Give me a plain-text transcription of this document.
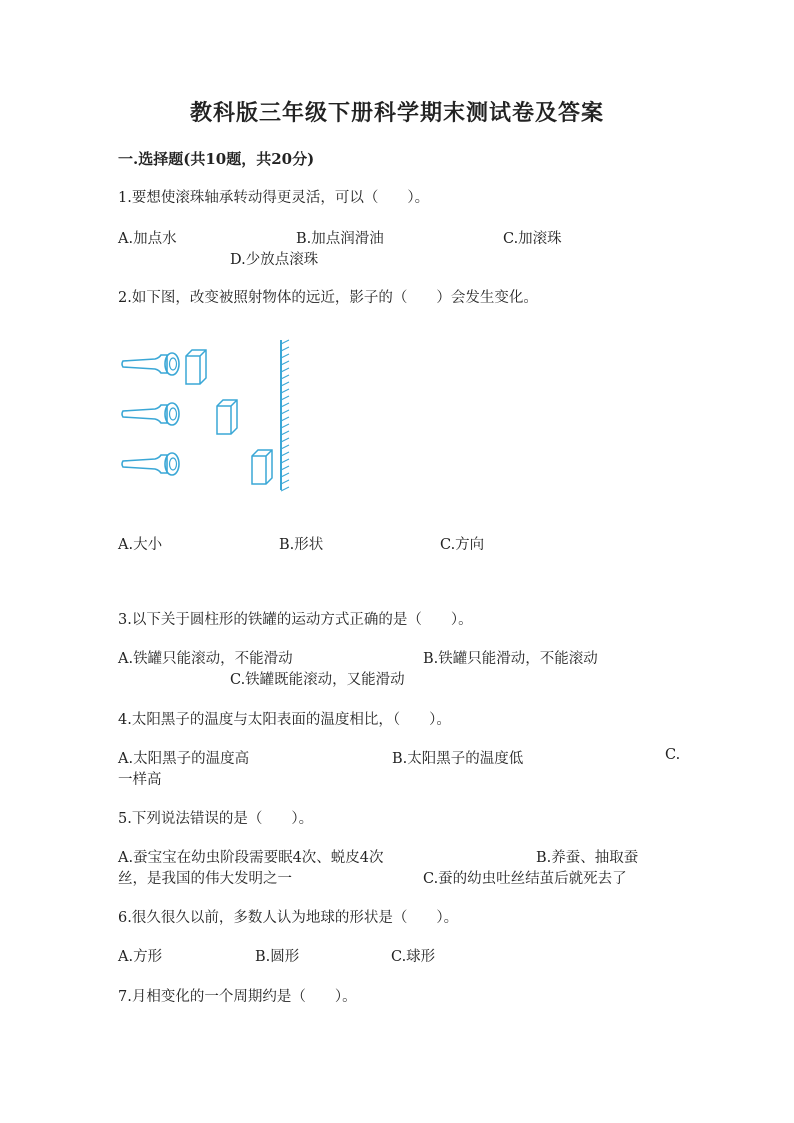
教科版三年级下册科学期末测试卷及答案
一.选择题(共10题，共20分)
1.要想使滚珠轴承转动得更灵活，可以（　　）。
A.加点水	B.加点润滑油	C.加滚珠
D.少放点滚珠
2.如下图，改变被照射物体的远近，影子的（　　）会发生变化。
A.大小	B.形状	C.方向
3.以下关于圆柱形的铁罐的运动方式正确的是（　　）。
A.铁罐只能滚动，不能滑动	B.铁罐只能滑动，不能滚动
C.铁罐既能滚动，又能滑动
4.太阳黑子的温度与太阳表面的温度相比，（　　）。
A.太阳黑子的温度高	B.太阳黑子的温度低	C.
一样高
5.下列说法错误的是（　　）。
A.蚕宝宝在幼虫阶段需要眠4次、蜕皮4次	B.养蚕、抽取蚕
丝，是我国的伟大发明之一	C.蚕的幼虫吐丝结茧后就死去了
6.很久很久以前，多数人认为地球的形状是（　　）。
A.方形	B.圆形	C.球形
7.月相变化的一个周期约是（　　）。
